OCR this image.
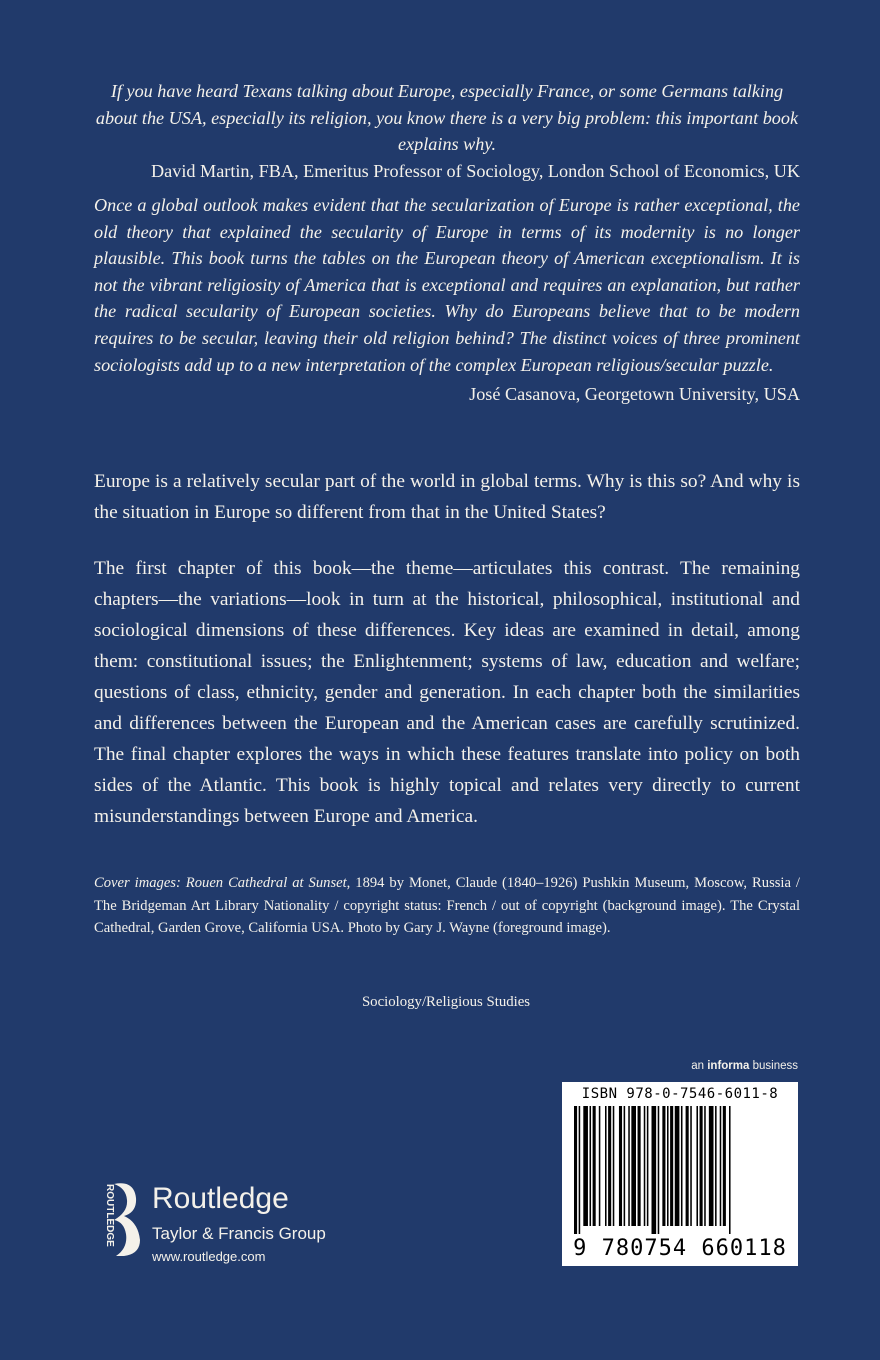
If you have heard Texans talking about Europe, especially France, or some Germans talking about the USA, especially its religion, you know there is a very big problem: this important book explains why.

David Martin, FBA, Emeritus Professor of Sociology, London School of Economics, UK

Once a global outlook makes evident that the secularization of Europe is rather exceptional, the old theory that explained the secularity of Europe in terms of its modernity is no longer plausible. This book turns the tables on the European theory of American exceptionalism. It is not the vibrant religiosity of America that is exceptional and requires an explanation, but rather the radical secularity of European societies. Why do Europeans believe that to be modern requires to be secular, leaving their old religion behind? The distinct voices of three prominent sociologists add up to a new interpretation of the complex European religious/secular puzzle.

José Casanova, Georgetown University, USA

Europe is a relatively secular part of the world in global terms. Why is this so? And why is the situation in Europe so different from that in the United States?

The first chapter of this book—the theme—articulates this contrast. The remaining chapters—the variations—look in turn at the historical, philosophical, institutional and sociological dimensions of these differences. Key ideas are examined in detail, among them: constitutional issues; the Enlightenment; systems of law, education and welfare; questions of class, ethnicity, gender and generation. In each chapter both the similarities and differences between the European and the American cases are carefully scrutinized. The final chapter explores the ways in which these features translate into policy on both sides of the Atlantic. This book is highly topical and relates very directly to current misunderstandings between Europe and America.

Cover images: Rouen Cathedral at Sunset, 1894 by Monet, Claude (1840–1926) Pushkin Museum, Moscow, Russia / The Bridgeman Art Library Nationality / copyright status: French / out of copyright (background image). The Crystal Cathedral, Garden Grove, California USA. Photo by Gary J. Wayne (foreground image).
Sociology/Religious Studies
an informa business
ISBN 978-0-7546-6011-8
9 780754 660118
ROUTLEDGE Routledge
Taylor & Francis Group
www.routledge.com
